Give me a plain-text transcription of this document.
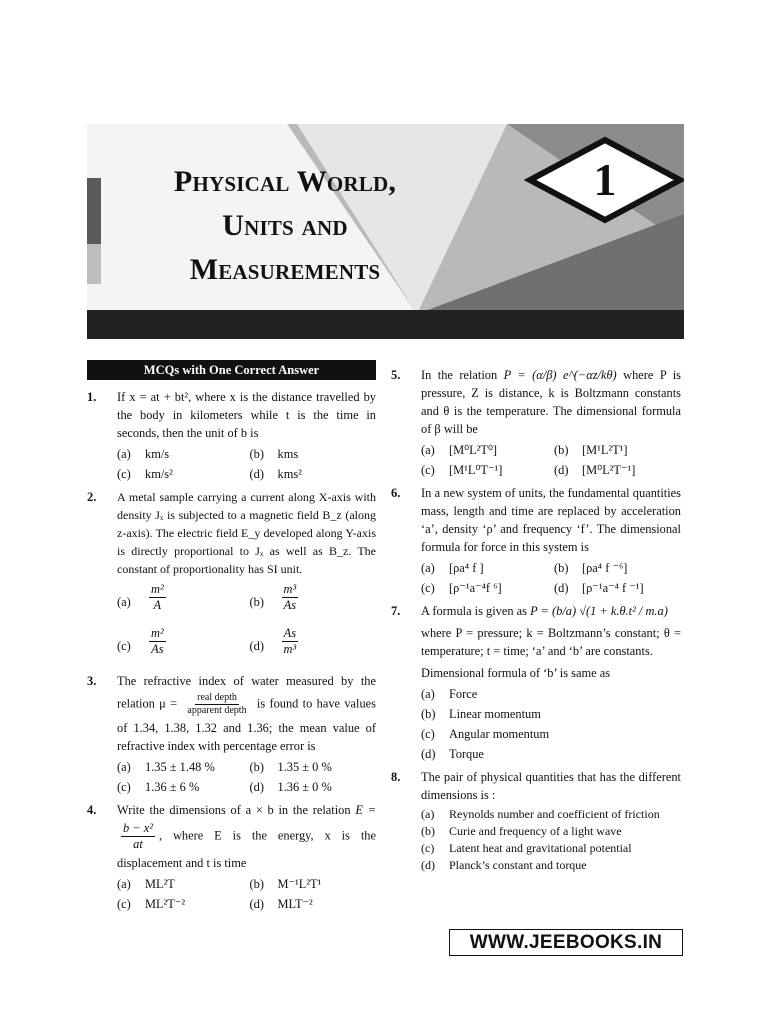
Physical World,
Units and
Measurements
1
MCQs with One Correct Answer
1.	If x = at + bt², where x is the distance travelled by the body in kilometers while t is the time in seconds, then the unit of b is
(a)	km/s	(b)	kms
(c)	km/s²	(d)	kms²
2.	A metal sample carrying a current along X-axis with density Jₓ is subjected to a magnetic field B_z (along z-axis). The electric field E_y developed along Y-axis is directly proportional to Jₓ as well as B_z. The constant of proportionality has SI unit.
(a)	$\frac{\text{m²}}{A}$	(b)	$\frac{\text{m³}}{As}$
(c)	$\frac{\text{m²}}{As}$	(d)	$\frac{As}{\text{m³}}$
3.	The refractive index of water measured by the relation $\mu = \frac{\text{real depth}}{\text{apparent depth}}$ is found to have values of 1.34, 1.38, 1.32 and 1.36; the mean value of refractive index with percentage error is
(a)	1.35 ± 1.48 %	(b)	1.35 ± 0 %
(c)	1.36 ± 6 %	(d)	1.36 ± 0 %
4.	Write the dimensions of a × b in the relation E =
$\frac{\text{b − x²}}{at}$ , where E is the energy, x is the displacement and t is time
(a)	ML²T	(b)	M⁻¹L²T¹
(c)	ML²T⁻²	(d)	MLT⁻²
5.	In the relation P = (α/β) e^(−αz/kθ) where P is pressure, Z is distance, k is Boltzmann constants and θ is the temperature. The dimensional formula of β will be
(a)	[M⁰L²T⁰]	(b)	[M¹L²T¹]
(c)	[M¹L⁰T⁻¹]	(d)	[M⁰L²T⁻¹]
6.	In a new system of units, the fundamental quantities mass, length and time are replaced by acceleration ‘a’, density ‘ρ’ and frequency ‘f’. The dimensional formula for force in this system is
(a)	[ρa⁴ f ]	(b)	[ρa⁴ f ⁻⁶]
(c)	[ρ⁻¹a⁻⁴f ⁶]	(d)	[ρ⁻¹a⁻⁴ f ⁻¹]
7.	A formula is given as P = (b/a) √(1 + k.θ.t² / m.a)
where P = pressure; k = Boltzmann’s constant; θ = temperature; t = time; ‘a’ and ‘b’ are constants.
Dimensional formula of ‘b’ is same as
(a)	Force
(b)	Linear momentum
(c)	Angular momentum
(d)	Torque
8.	The pair of physical quantities that has the different dimensions is :
(a)	Reynolds number and coefficient of friction
(b)	Curie and frequency of a light wave
(c)	Latent heat and gravitational potential
(d)	Planck’s constant and torque
WWW.JEEBOOKS.IN
